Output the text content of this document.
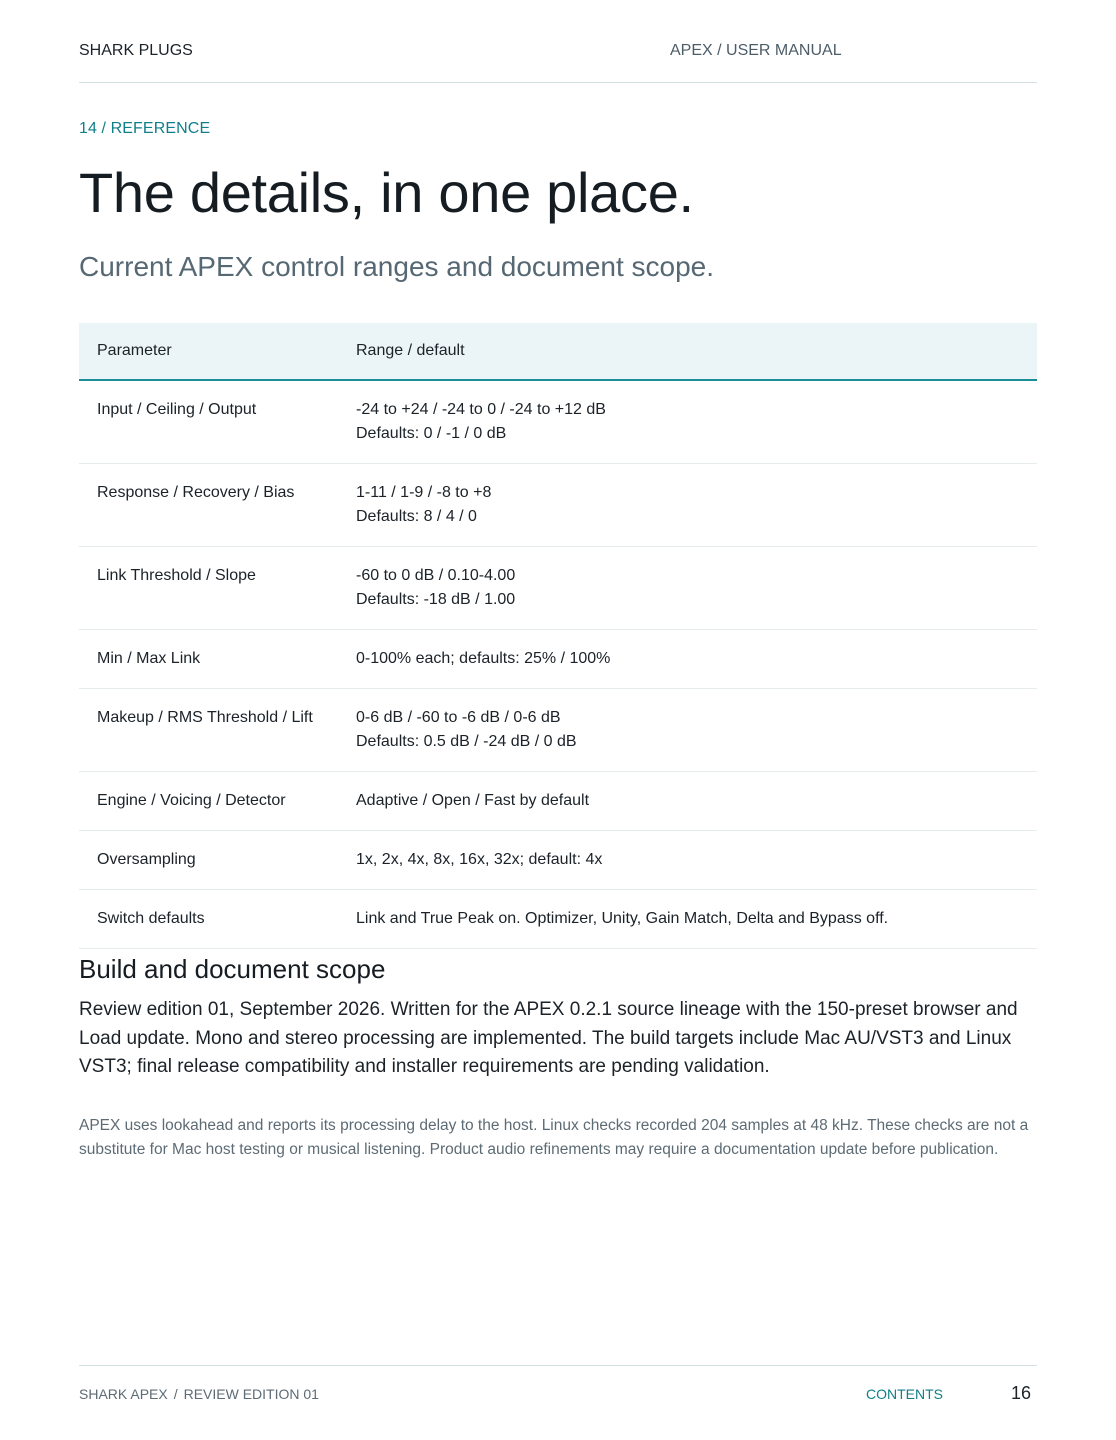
SHARK PLUGS	APEX / USER MANUAL
14 / REFERENCE
The details, in one place.
Current APEX control ranges and document scope.
Parameter	Range / default
Input / Ceiling / Output	-24 to +24 / -24 to 0 / -24 to +12 dB
Defaults: 0 / -1 / 0 dB

Response / Recovery / Bias	1-11 / 1-9 / -8 to +8
Defaults: 8 / 4 / 0

Link Threshold / Slope	-60 to 0 dB / 0.10-4.00
Defaults: -18 dB / 1.00

Min / Max Link	0-100% each; defaults: 25% / 100%

Makeup / RMS Threshold / Lift	0-6 dB / -60 to -6 dB / 0-6 dB
Defaults: 0.5 dB / -24 dB / 0 dB

Engine / Voicing / Detector	Adaptive / Open / Fast by default

Oversampling	1x, 2x, 4x, 8x, 16x, 32x; default: 4x

Switch defaults	Link and True Peak on. Optimizer, Unity, Gain Match, Delta and Bypass off.
Build and document scope
Review edition 01, September 2026. Written for the APEX 0.2.1 source lineage with the 150-preset browser and Load update. Mono and stereo processing are implemented. The build targets include Mac AU/VST3 and Linux VST3; final release compatibility and installer requirements are pending validation.
APEX uses lookahead and reports its processing delay to the host. Linux checks recorded 204 samples at 48 kHz. These checks are not a substitute for Mac host testing or musical listening. Product audio refinements may require a documentation update before publication.
SHARK APEX / REVIEW EDITION 01	CONTENTS	16
